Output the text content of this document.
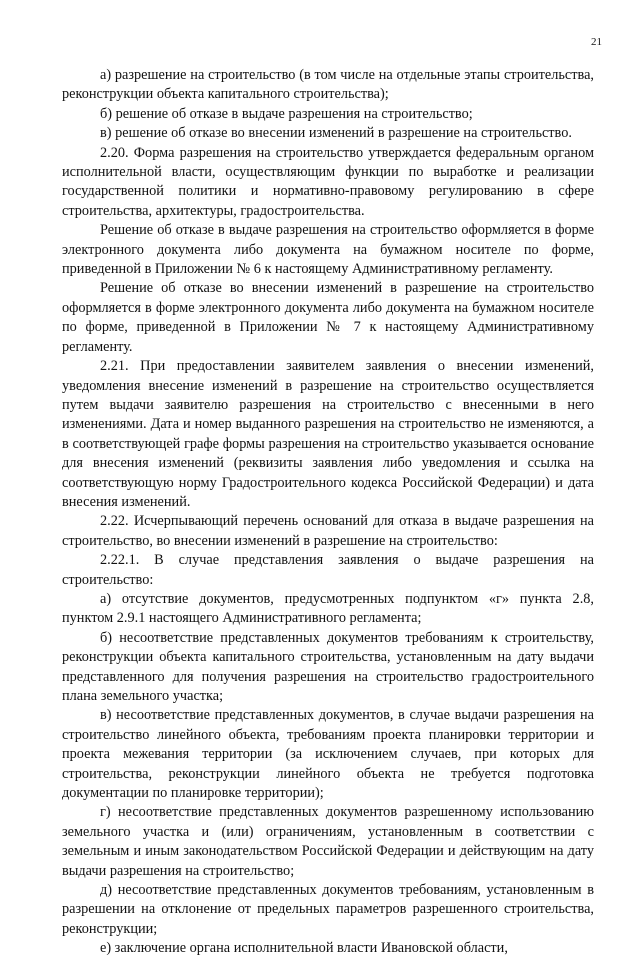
21

а) разрешение на строительство (в том числе на отдельные этапы строительства, реконструкции объекта капитального строительства);

б) решение об отказе в выдаче разрешения на строительство;

в) решение об отказе во внесении изменений в разрешение на строительство.

2.20. Форма разрешения на строительство утверждается федеральным органом исполнительной власти, осуществляющим функции по выработке и реализации государственной политики и нормативно-правовому регулированию в сфере строительства, архитектуры, градостроительства.

Решение об отказе в выдаче разрешения на строительство оформляется в форме электронного документа либо документа на бумажном носителе по форме, приведенной в Приложении № 6 к настоящему Административному регламенту.

Решение об отказе во внесении изменений в разрешение на строительство оформляется в форме электронного документа либо документа на бумажном носителе по форме, приведенной в Приложении № 7 к настоящему Административному регламенту.

2.21. При предоставлении заявителем заявления о внесении изменений, уведомления внесение изменений в разрешение на строительство осуществляется путем выдачи заявителю разрешения на строительство с внесенными в него изменениями. Дата и номер выданного разрешения на строительство не изменяются, а в соответствующей графе формы разрешения на строительство указывается основание для внесения изменений (реквизиты заявления либо уведомления и ссылка на соответствующую норму Градостроительного кодекса Российской Федерации) и дата внесения изменений.

2.22. Исчерпывающий перечень оснований для отказа в выдаче разрешения на строительство, во внесении изменений в разрешение на строительство:

2.22.1. В случае представления заявления о выдаче разрешения на строительство:

а) отсутствие документов, предусмотренных подпунктом «г» пункта 2.8, пунктом 2.9.1 настоящего Административного регламента;

б) несоответствие представленных документов требованиям к строительству, реконструкции объекта капитального строительства, установленным на дату выдачи представленного для получения разрешения на строительство градостроительного плана земельного участка;

в) несоответствие представленных документов, в случае выдачи разрешения на строительство линейного объекта, требованиям проекта планировки территории и проекта межевания территории (за исключением случаев, при которых для строительства, реконструкции линейного объекта не требуется подготовка документации по планировке территории);

г) несоответствие представленных документов разрешенному использованию земельного участка и (или) ограничениям, установленным в соответствии с земельным и иным законодательством Российской Федерации и действующим на дату выдачи разрешения на строительство;

д) несоответствие представленных документов требованиям, установленным в разрешении на отклонение от предельных параметров разрешенного строительства, реконструкции;

е) заключение органа исполнительной власти Ивановской области,
